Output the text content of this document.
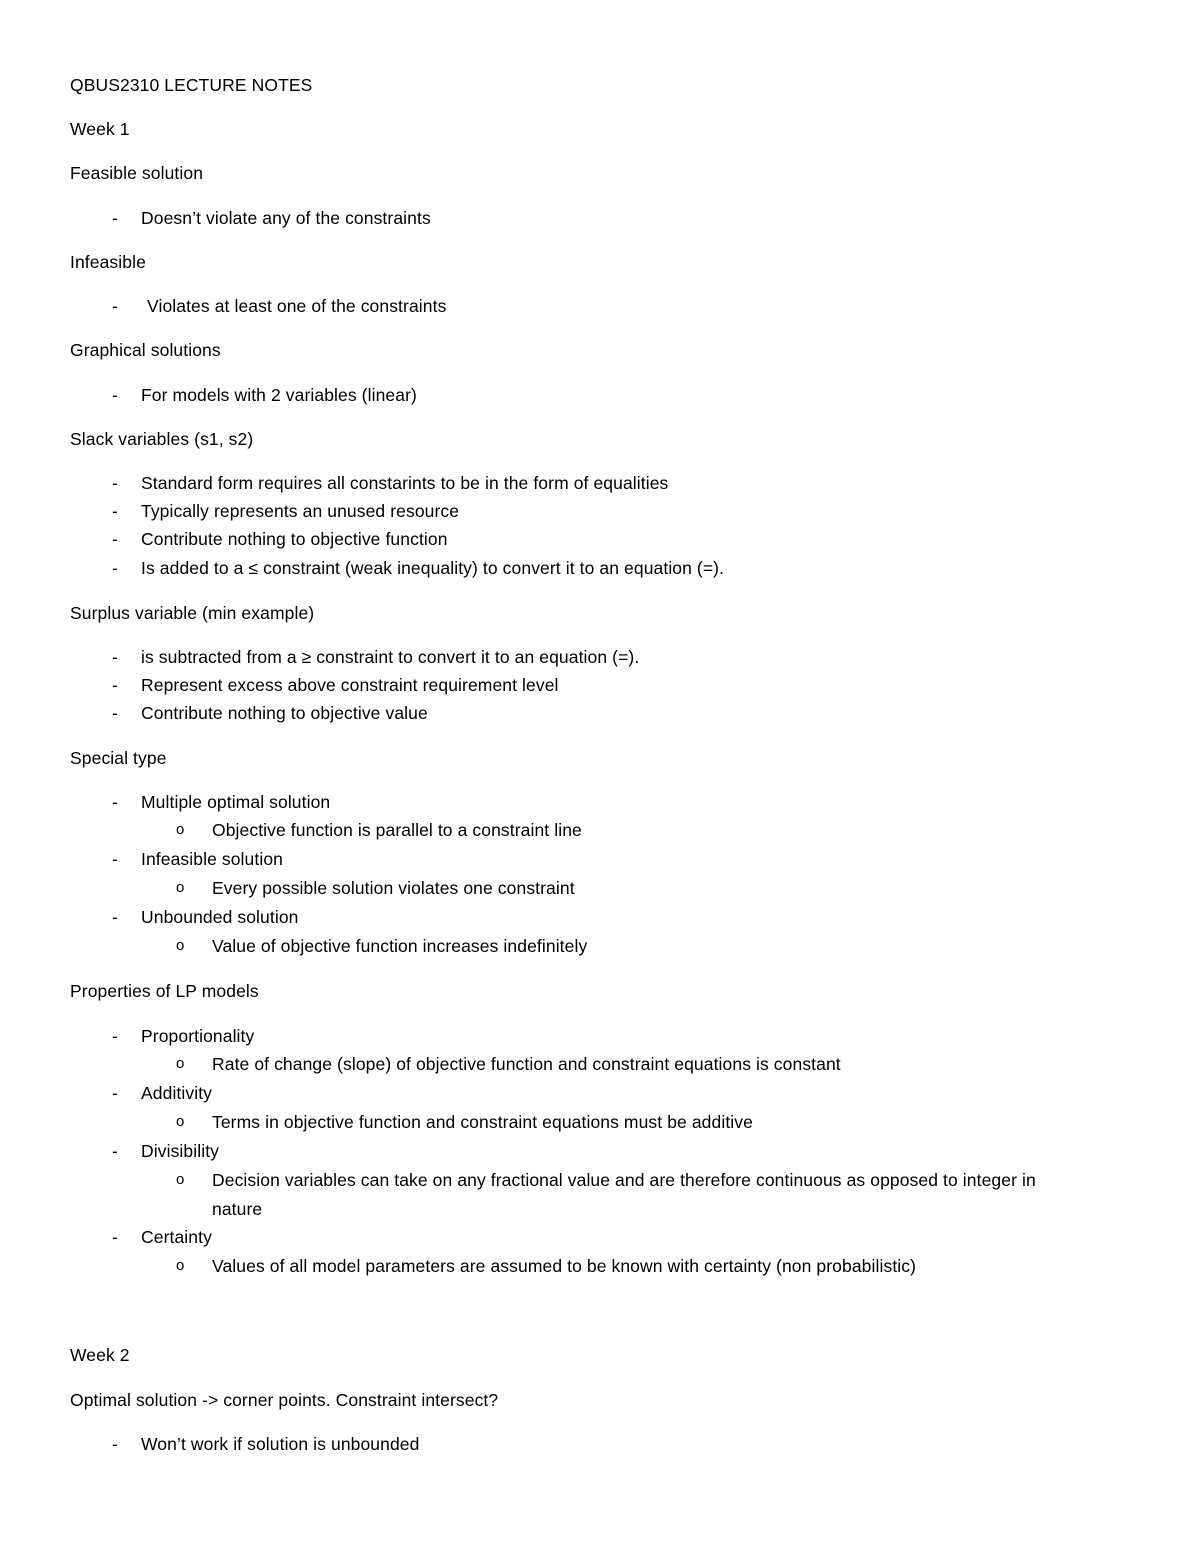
QBUS2310 LECTURE NOTES
Week 1
Feasible solution
- Doesn’t violate any of the constraints
Infeasible
- Violates at least one of the constraints
Graphical solutions
- For models with 2 variables (linear)
Slack variables (s1, s2)
- Standard form requires all constarints to be in the form of equalities
- Typically represents an unused resource
- Contribute nothing to objective function
- Is added to a ≤ constraint (weak inequality) to convert it to an equation (=).
Surplus variable (min example)
- is subtracted from a ≥ constraint to convert it to an equation (=).
- Represent excess above constraint requirement level
- Contribute nothing to objective value
Special type
- Multiple optimal solution
o Objective function is parallel to a constraint line
- Infeasible solution
o Every possible solution violates one constraint
- Unbounded solution
o Value of objective function increases indefinitely
Properties of LP models
- Proportionality
o Rate of change (slope) of objective function and constraint equations is constant
- Additivity
o Terms in objective function and constraint equations must be additive
- Divisibility
o Decision variables can take on any fractional value and are therefore continuous as opposed to integer in
nature
- Certainty
o Values of all model parameters are assumed to be known with certainty (non probabilistic)
Week 2
Optimal solution -> corner points. Constraint intersect?
- Won’t work if solution is unbounded
